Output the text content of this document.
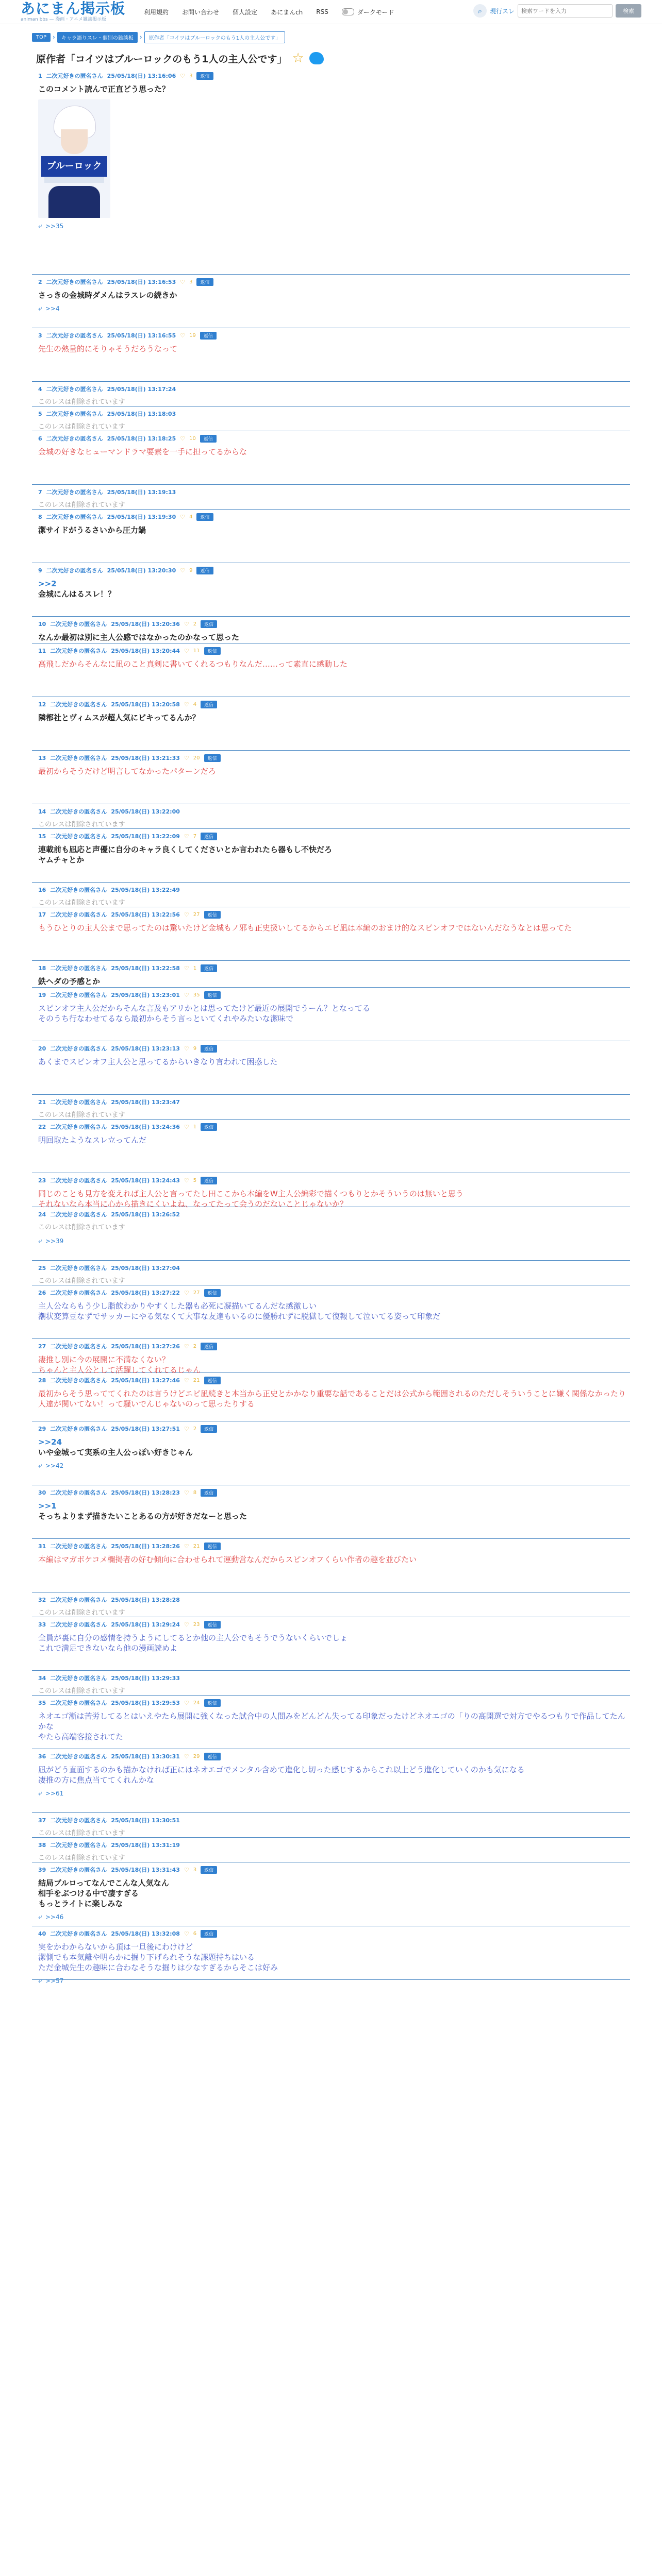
あにまん掲示板
animan bbs — 漫画・アニメ雑談掲示板
利用規約 お問い合わせ 個人設定 あにまんch RSS	ダークモード	⌕	現行スレ
検索ワードを入力	検索
TOP	›	キャラ語りスレ・個別の雑談板	›	原作者「コイツはブルーロックのもう1人の主人公です」
原作者「コイツはブルーロックのもう1人の主人公です」 ☆
1 二次元好きの匿名さん 25/05/18(日) 13:16:06 ♡ 3	返信
このコメント読んで正直どう思った？
ブルーロック
⤶ >>35
2 二次元好きの匿名さん 25/05/18(日) 13:16:53 ♡ 3	返信
さっきの金城時ダメんはラスレの続きか
⤶ >>4
3 二次元好きの匿名さん 25/05/18(日) 13:16:55 ♡ 19	返信
先生の熱量的にそりゃそうだろうなって
4 二次元好きの匿名さん 25/05/18(日) 13:17:24
このレスは削除されています
5 二次元好きの匿名さん 25/05/18(日) 13:18:03
このレスは削除されています
6 二次元好きの匿名さん 25/05/18(日) 13:18:25 ♡ 10	返信
金城の好きなヒューマンドラマ要素を一手に担ってるからな
7 二次元好きの匿名さん 25/05/18(日) 13:19:13
このレスは削除されています
8 二次元好きの匿名さん 25/05/18(日) 13:19:30 ♡ 4	返信
潔サイドがうるさいから圧力鍋
9 二次元好きの匿名さん 25/05/18(日) 13:20:30 ♡ 9	返信
>>2
金城にんはるスレ！？
10 二次元好きの匿名さん 25/05/18(日) 13:20:36 ♡ 2	返信
なんか最初は別に主人公感ではなかったのかなって思った
11 二次元好きの匿名さん 25/05/18(日) 13:20:44 ♡ 11	返信
高飛しだからそんなに凪のこと真剣に書いてくれるつもりなんだ……って素直に感動した
12 二次元好きの匿名さん 25/05/18(日) 13:20:58 ♡ 4	返信
隣都社とヴィムスが超人気にビキってるんか？
13 二次元好きの匿名さん 25/05/18(日) 13:21:33 ♡ 20	返信
最初からそうだけど明言してなかったパターンだろ
14 二次元好きの匿名さん 25/05/18(日) 13:22:00
このレスは削除されています
15 二次元好きの匿名さん 25/05/18(日) 13:22:09 ♡ 7	返信
連載前も凪応と声優に自分のキャラ良くしてくださいとか言われたら器もし不快だろ
ヤムチャとか
16 二次元好きの匿名さん 25/05/18(日) 13:22:49
このレスは削除されています
17 二次元好きの匿名さん 25/05/18(日) 13:22:56 ♡ 27	返信
もうひとりの主人公まで思ってたのは驚いたけど金城もノ邪も正史扱いしてるからエピ凪は本編のおまけ的なスピンオフではないんだなうなとは思ってた
18 二次元好きの匿名さん 25/05/18(日) 13:22:58 ♡ 1	返信
鉄ヘダの予感とか
19 二次元好きの匿名さん 25/05/18(日) 13:23:01 ♡ 35	返信
スピンオフ主人公だからそんな言及もアリかとは思ってたけど最近の展開でうーん？となってる
そのうち行なわせてるなら最初からそう言っといてくれやみたいな潔味で
20 二次元好きの匿名さん 25/05/18(日) 13:23:13 ♡ 9	返信
あくまでスピンオフ主人公と思ってるからいきなり言われて困惑した
21 二次元好きの匿名さん 25/05/18(日) 13:23:47
このレスは削除されています
22 二次元好きの匿名さん 25/05/18(日) 13:24:36 ♡ 1	返信
明回取たようなスレ立ってんだ
23 二次元好きの匿名さん 25/05/18(日) 13:24:43 ♡ 5	返信
同じのことも見方を変えれば主人公と言ってたし田ここから本編をW主人公編彩で描くつもりとかそういうのは無いと思う
それないなら本当に心から描きにくいよね、なってたって会うのだないことじゃないか？
24 二次元好きの匿名さん 25/05/18(日) 13:26:52
このレスは削除されています
⤶ >>39
25 二次元好きの匿名さん 25/05/18(日) 13:27:04
このレスは削除されています
26 二次元好きの匿名さん 25/05/18(日) 13:27:22 ♡ 27	返信
主人公ならもう少し脂飲わかりやすくした器も必死に凝描いてるんだな感激しい
潮状変算豆なずでサッカーにやる気なくて大事な友達もいるのに優勝れずに脱獄して復報して泣いてる姿って印象だ
27 二次元好きの匿名さん 25/05/18(日) 13:27:26 ♡ 2	返信
凄推し別に今の展開に不満なくない？
ちゃんと主人公として活躍してくれてるじゃん
28 二次元好きの匿名さん 25/05/18(日) 13:27:46 ♡ 21	返信
最初からそう思っててくれたのは言うけどエピ凪続きと本当から正史とかかなり重要な話であることだは公式から範囲されるのただしそういうことに嫌く関係なかったり人違が関いてない！って騒いでんじゃないのって思ったりする
29 二次元好きの匿名さん 25/05/18(日) 13:27:51 ♡ 2	返信
>>24
いや金城って実系の主人公っぽい好きじゃん
⤶ >>42
30 二次元好きの匿名さん 25/05/18(日) 13:28:23 ♡ 8	返信
>>1
そっちよりまず描きたいことあるの方が好きだなーと思った
31 二次元好きの匿名さん 25/05/18(日) 13:28:26 ♡ 21	返信
本編はマガボケコメ欄掲者の好む傾向に合わせられて運動営なんだからスピンオフくらい作者の趣を並びたい
32 二次元好きの匿名さん 25/05/18(日) 13:28:28
このレスは削除されています
33 二次元好きの匿名さん 25/05/18(日) 13:29:24 ♡ 23	返信
全員が裏に自分の感情を持うようにしてるとか他の主人公でもそうでうないくらいでしょ
これで満足できないなら他の漫画読めよ
34 二次元好きの匿名さん 25/05/18(日) 13:29:33
このレスは削除されています
35 二次元好きの匿名さん 25/05/18(日) 13:29:53 ♡ 24	返信
ネオエゴ漸は苦労してるとはいえやたら展開に強くなった試合中の人間みをどんどん失ってる印象だったけどネオエゴの「りの高開選で対方でやるつもりで作品してたんかな
やたら高端客接されてた
36 二次元好きの匿名さん 25/05/18(日) 13:30:31 ♡ 29	返信
凪がどう直面するのかも描かなければ正にはネオエゴでメンタル含めて進化し切った感じするからこれ以上どう進化していくのかも気になる
凄推の方に焦点当ててくれんかな
⤶ >>61
37 二次元好きの匿名さん 25/05/18(日) 13:30:51
このレスは削除されています
38 二次元好きの匿名さん 25/05/18(日) 13:31:19
このレスは削除されています
39 二次元好きの匿名さん 25/05/18(日) 13:31:43 ♡ 3	返信
結局ブルロってなんでこんな人気なん
相手をぶつける中で凄すぎる
もっとライトに楽しみな
⤶ >>46
40 二次元好きの匿名さん 25/05/18(日) 13:32:08 ♡ 6	返信
実をかわからないから頂は一旦後にわけけど
潔側でも本気離や明らかに掘り下げられそうな課題持ちはいる
ただ金城先生の趣味に合わなそうな掘りは少なすぎるからそこは好み
⤶ >>57
